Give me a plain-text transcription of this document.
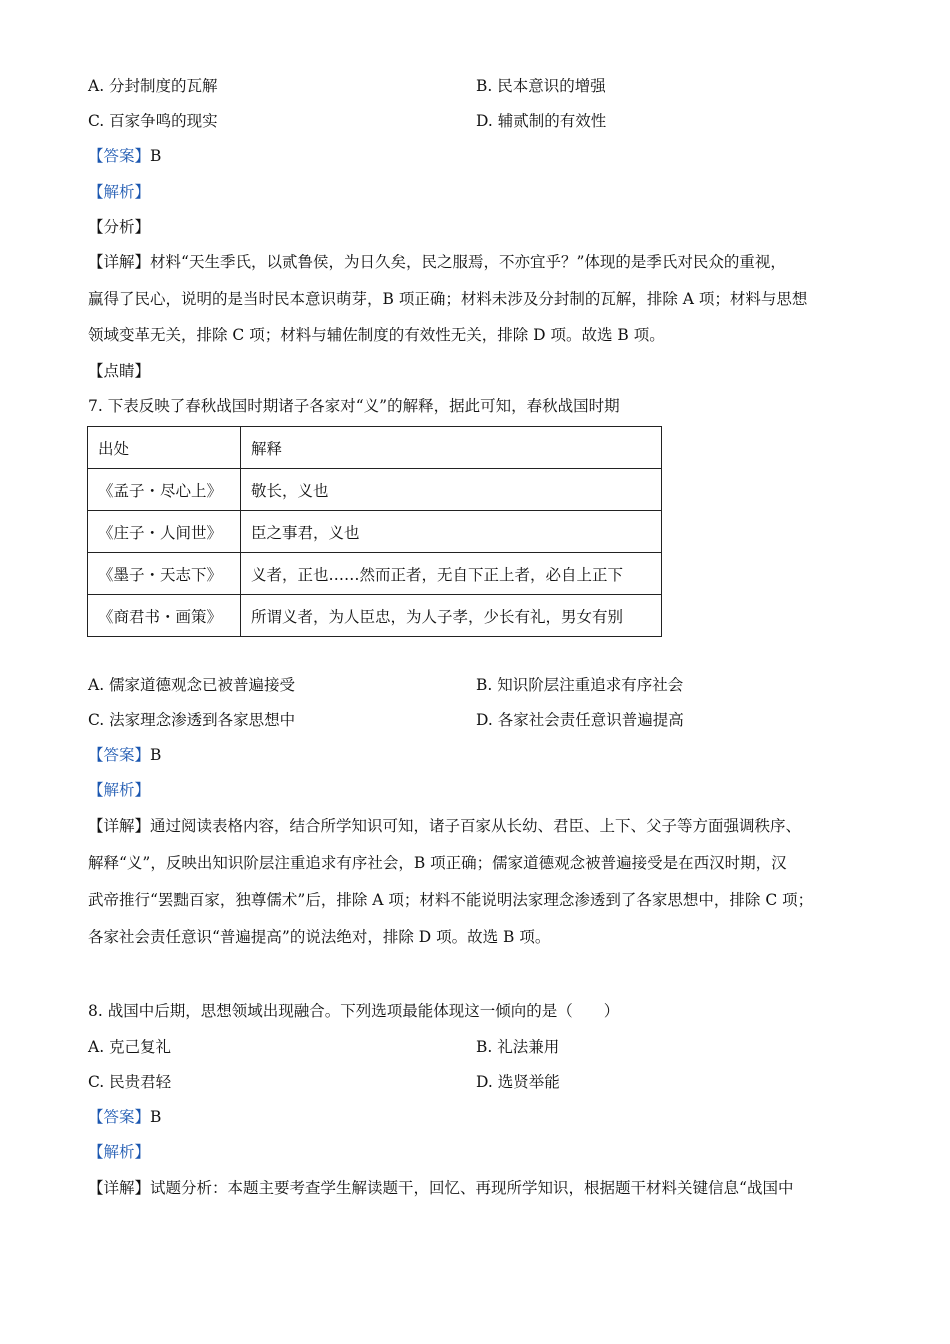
A. 分封制度的瓦解	B. 民本意识的增强
C. 百家争鸣的现实	D. 辅贰制的有效性
【答案】B
【解析】
【分析】
【详解】材料“天生季氏，以贰鲁侯，为日久矣，民之服焉，不亦宜乎？”体现的是季氏对民众的重视，
赢得了民心，说明的是当时民本意识萌芽，B 项正确；材料未涉及分封制的瓦解，排除 A 项；材料与思想
领域变革无关，排除 C 项；材料与辅佐制度的有效性无关，排除 D 项。故选 B 项。
【点睛】
7. 下表反映了春秋战国时期诸子各家对“义”的解释，据此可知，春秋战国时期
出处	解释
《孟子・尽心上》	敬长，义也
《庄子・人间世》	臣之事君，义也
《墨子・天志下》	义者，正也……然而正者，无自下正上者，必自上正下
《商君书・画策》	所谓义者，为人臣忠，为人子孝，少长有礼，男女有别
A. 儒家道德观念已被普遍接受	B. 知识阶层注重追求有序社会
C. 法家理念渗透到各家思想中	D. 各家社会责任意识普遍提高
【答案】B
【解析】
【详解】通过阅读表格内容，结合所学知识可知，诸子百家从长幼、君臣、上下、父子等方面强调秩序、
解释“义”，反映出知识阶层注重追求有序社会，B 项正确；儒家道德观念被普遍接受是在西汉时期，汉
武帝推行“罢黜百家，独尊儒术”后，排除 A 项；材料不能说明法家理念渗透到了各家思想中，排除 C 项；
各家社会责任意识“普遍提高”的说法绝对，排除 D 项。故选 B 项。
8. 战国中后期，思想领域出现融合。下列选项最能体现这一倾向的是（　　）
A. 克己复礼	B. 礼法兼用
C. 民贵君轻	D. 选贤举能
【答案】B
【解析】
【详解】试题分析：本题主要考查学生解读题干，回忆、再现所学知识，根据题干材料关键信息“战国中
